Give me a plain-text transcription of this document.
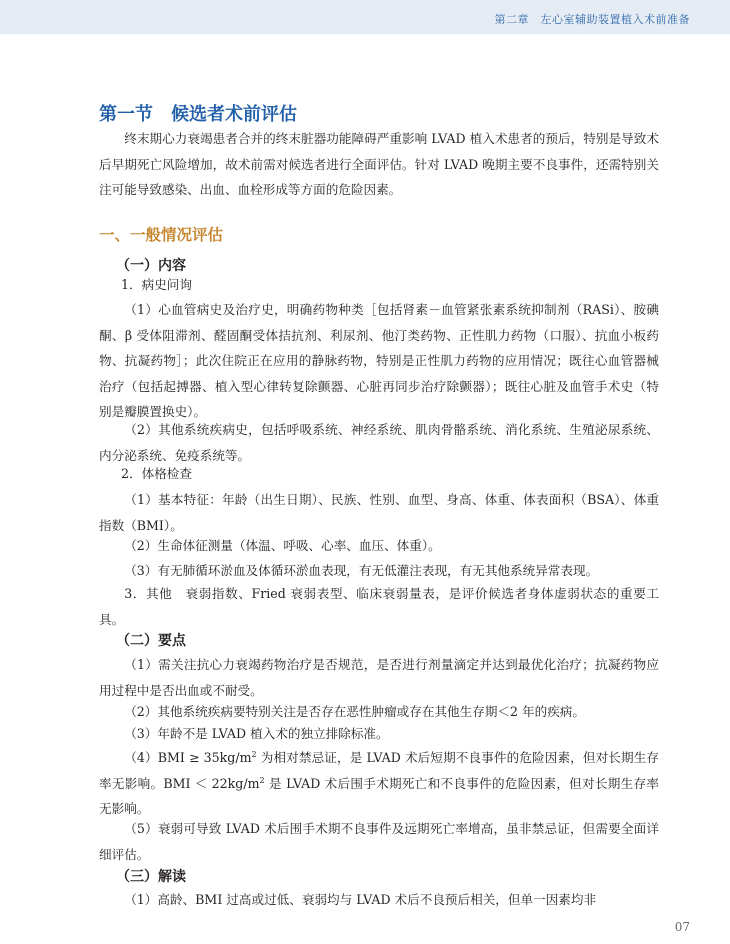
第二章　左心室辅助装置植入术前准备
第一节　候选者术前评估
终末期心力衰竭患者合并的终末脏器功能障碍严重影响 LVAD 植入术患者的预后，特别是导致术后早期死亡风险增加，故术前需对候选者进行全面评估。针对 LVAD 晚期主要不良事件，还需特别关注可能导致感染、出血、血栓形成等方面的危险因素。
一、一般情况评估
（一）内容
1．病史问询
（1）心血管病史及治疗史，明确药物种类［包括肾素－血管紧张素系统抑制剂（RASi）、胺碘酮、β 受体阻滞剂、醛固酮受体拮抗剂、利尿剂、他汀类药物、正性肌力药物（口服）、抗血小板药物、抗凝药物］；此次住院正在应用的静脉药物，特别是正性肌力药物的应用情况；既往心血管器械治疗（包括起搏器、植入型心律转复除颤器、心脏再同步治疗除颤器）；既往心脏及血管手术史（特别是瓣膜置换史）。
（2）其他系统疾病史，包括呼吸系统、神经系统、肌肉骨骼系统、消化系统、生殖泌尿系统、内分泌系统、免疫系统等。
2．体格检查
（1）基本特征：年龄（出生日期）、民族、性别、血型、身高、体重、体表面积（BSA）、体重指数（BMI）。
（2）生命体征测量（体温、呼吸、心率、血压、体重）。
（3）有无肺循环淤血及体循环淤血表现，有无低灌注表现，有无其他系统异常表现。
3．其他　衰弱指数、Fried 衰弱表型、临床衰弱量表，是评价候选者身体虚弱状态的重要工具。
（二）要点
（1）需关注抗心力衰竭药物治疗是否规范，是否进行剂量滴定并达到最优化治疗；抗凝药物应用过程中是否出血或不耐受。
（2）其他系统疾病要特别关注是否存在恶性肿瘤或存在其他生存期＜2 年的疾病。
（3）年龄不是 LVAD 植入术的独立排除标准。
$(4)BMI \ge 35kg/m^2$ 为相对禁忌证，是 LVAD 术后短期不良事件的危险因素，但对长期生存率无影响。BMI ＜ $22kg/m^2$ 是 LVAD 术后围手术期死亡和不良事件的危险因素，但对长期生存率无影响。
（5）衰弱可导致 LVAD 术后围手术期不良事件及远期死亡率增高，虽非禁忌证，但需要全面详细评估。
（三）解读
（1）高龄、BMI 过高或过低、衰弱均与 LVAD 术后不良预后相关，但单一因素均非
07
